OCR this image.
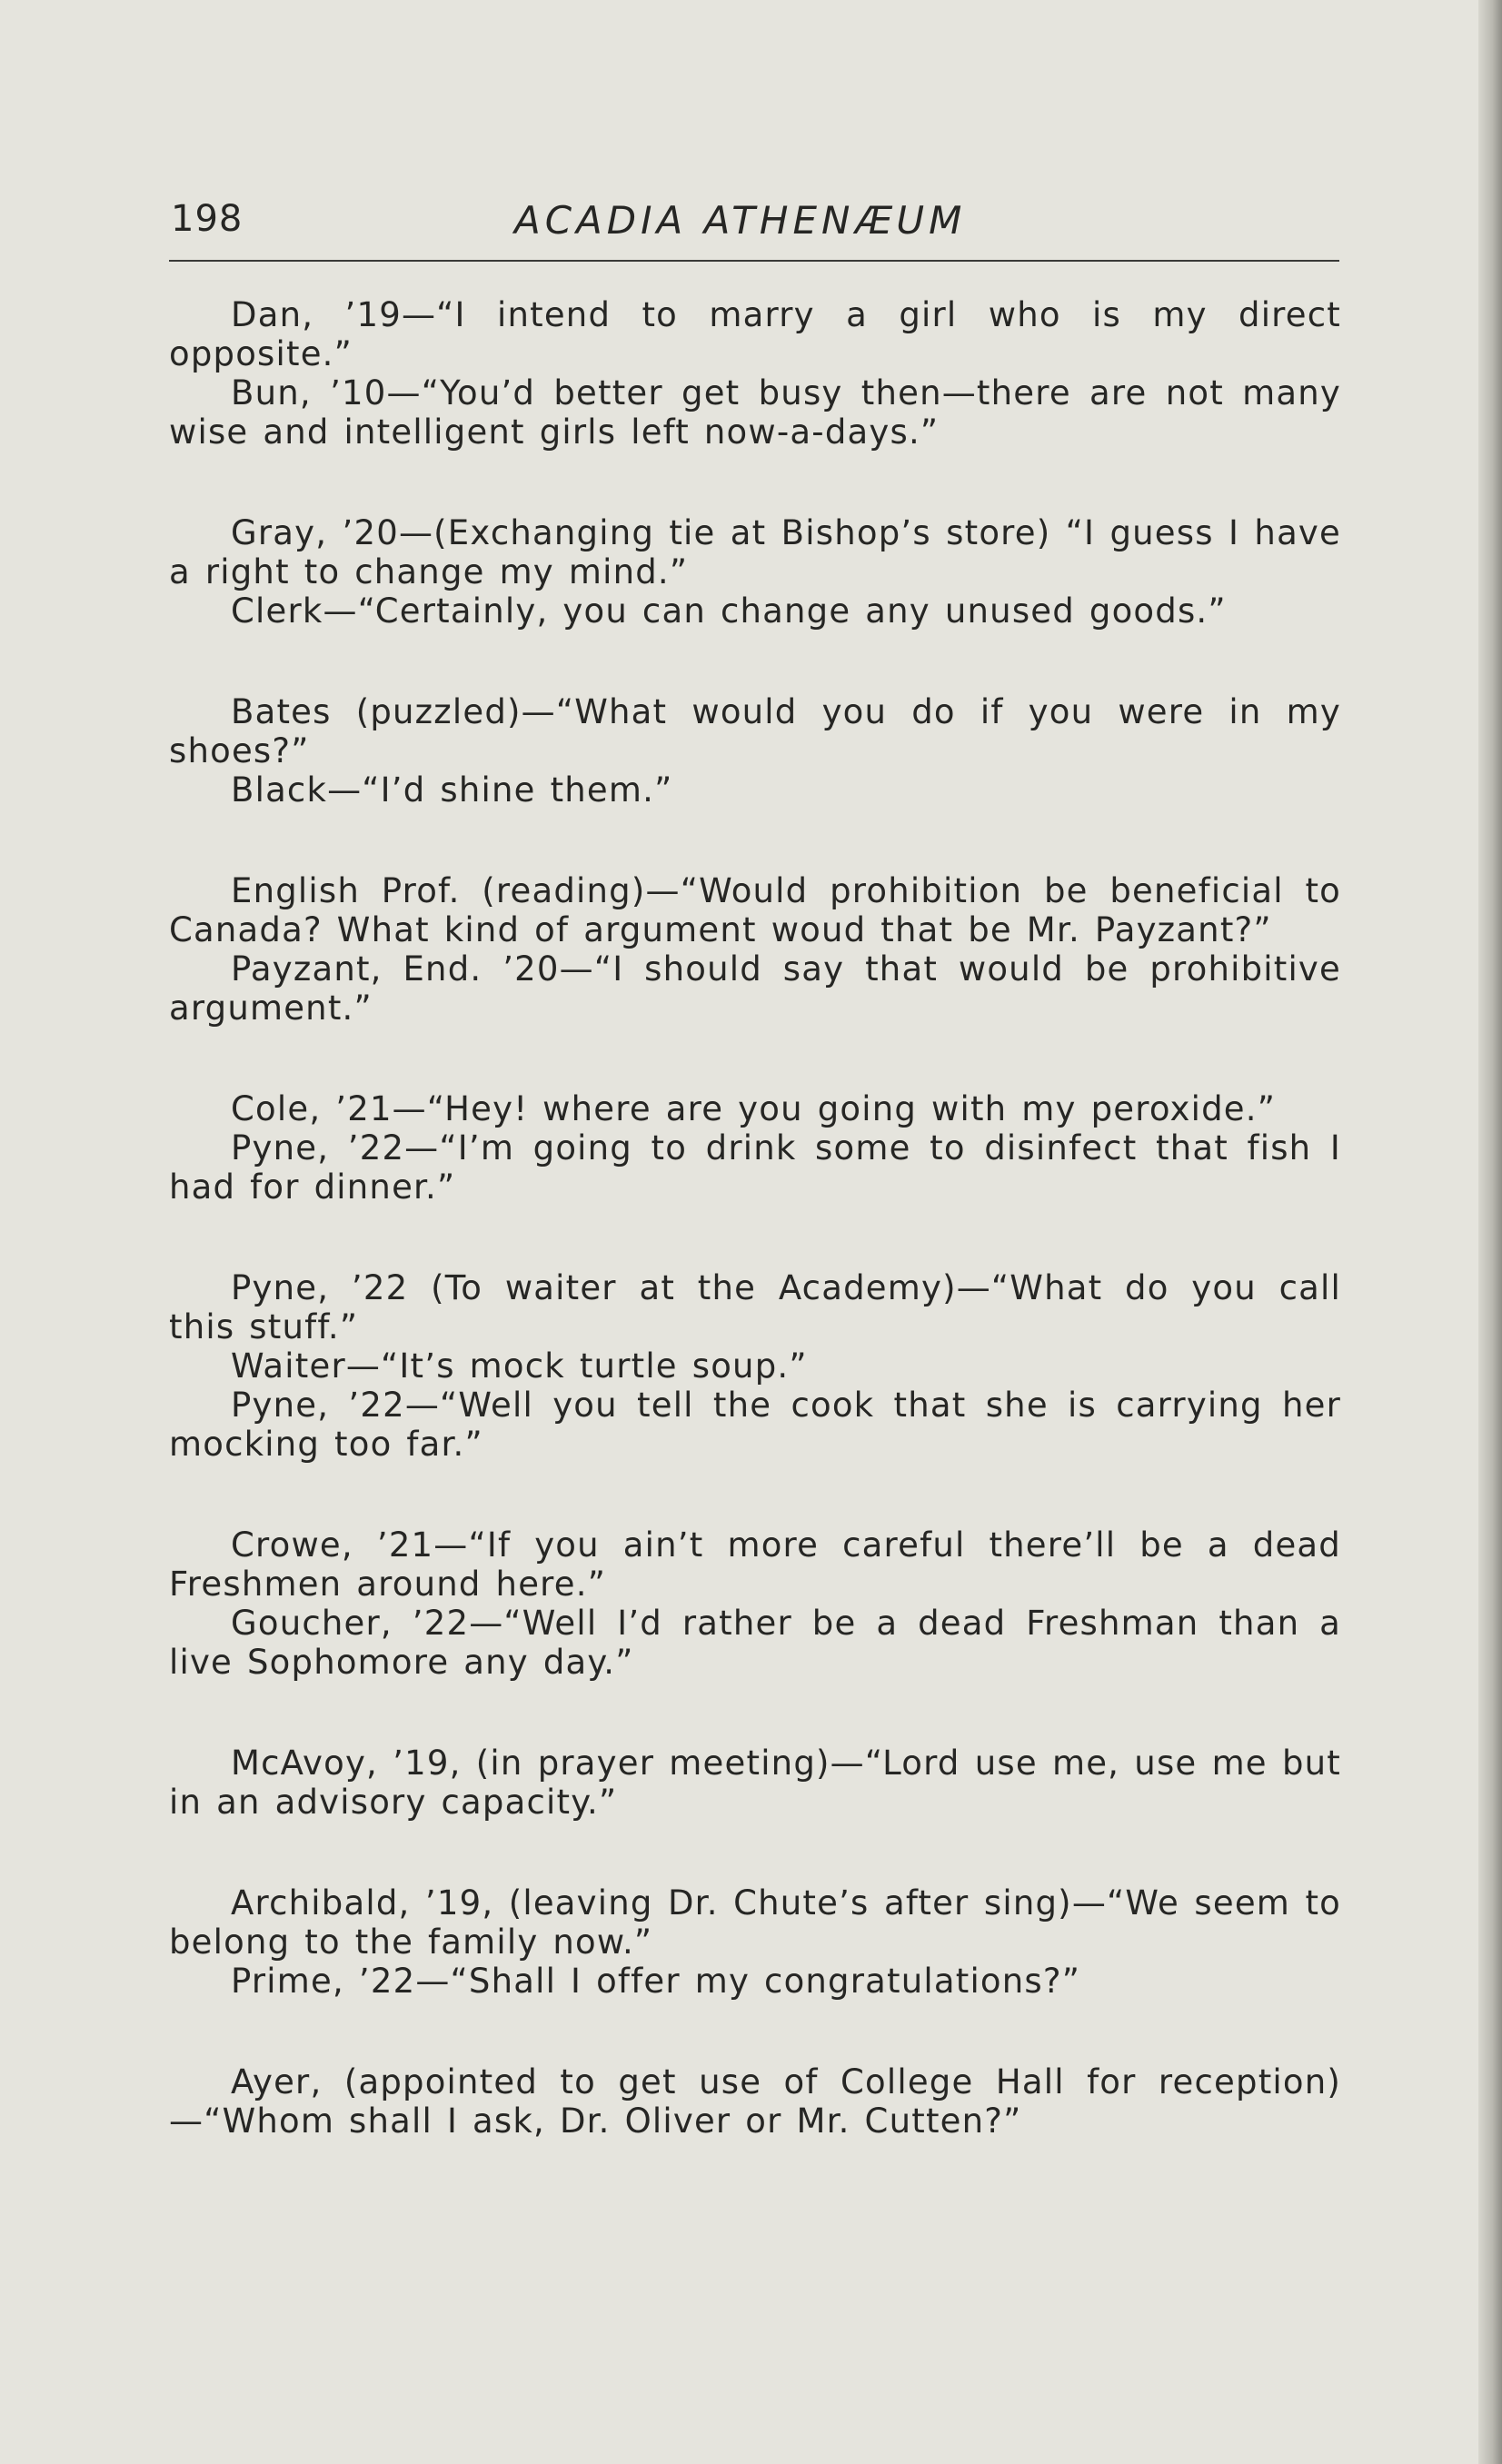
198	ACADIA ATHENÆUM

Dan, ’19—“I intend to marry a girl who is my direct opposite.”

Bun, ’10—“You’d better get busy then—there are not many wise and intelligent girls left now-a-days.”

Gray, ’20—(Exchanging tie at Bishop’s store) “I guess I have a right to change my mind.”

Clerk—“Certainly, you can change any unused goods.”

Bates (puzzled)—“What would you do if you were in my shoes?”

Black—“I’d shine them.”

English Prof. (reading)—“Would prohibition be beneficial to Canada? What kind of argument woud that be Mr. Payzant?”

Payzant, End. ’20—“I should say that would be prohibitive argument.”

Cole, ’21—“Hey! where are you going with my peroxide.”

Pyne, ’22—“I’m going to drink some to disinfect that fish I had for dinner.”

Pyne, ’22 (To waiter at the Academy)—“What do you call this stuff.”

Waiter—“It’s mock turtle soup.”

Pyne, ’22—“Well you tell the cook that she is carrying her mocking too far.”

Crowe, ’21—“If you ain’t more careful there’ll be a dead Freshmen around here.”

Goucher, ’22—“Well I’d rather be a dead Freshman than a live Sophomore any day.”

McAvoy, ’19, (in prayer meeting)—“Lord use me, use me but in an advisory capacity.”

Archibald, ’19, (leaving Dr. Chute’s after sing)—“We seem to belong to the family now.”

Prime, ’22—“Shall I offer my congratulations?”

Ayer, (appointed to get use of College Hall for reception)—“Whom shall I ask, Dr. Oliver or Mr. Cutten?”
